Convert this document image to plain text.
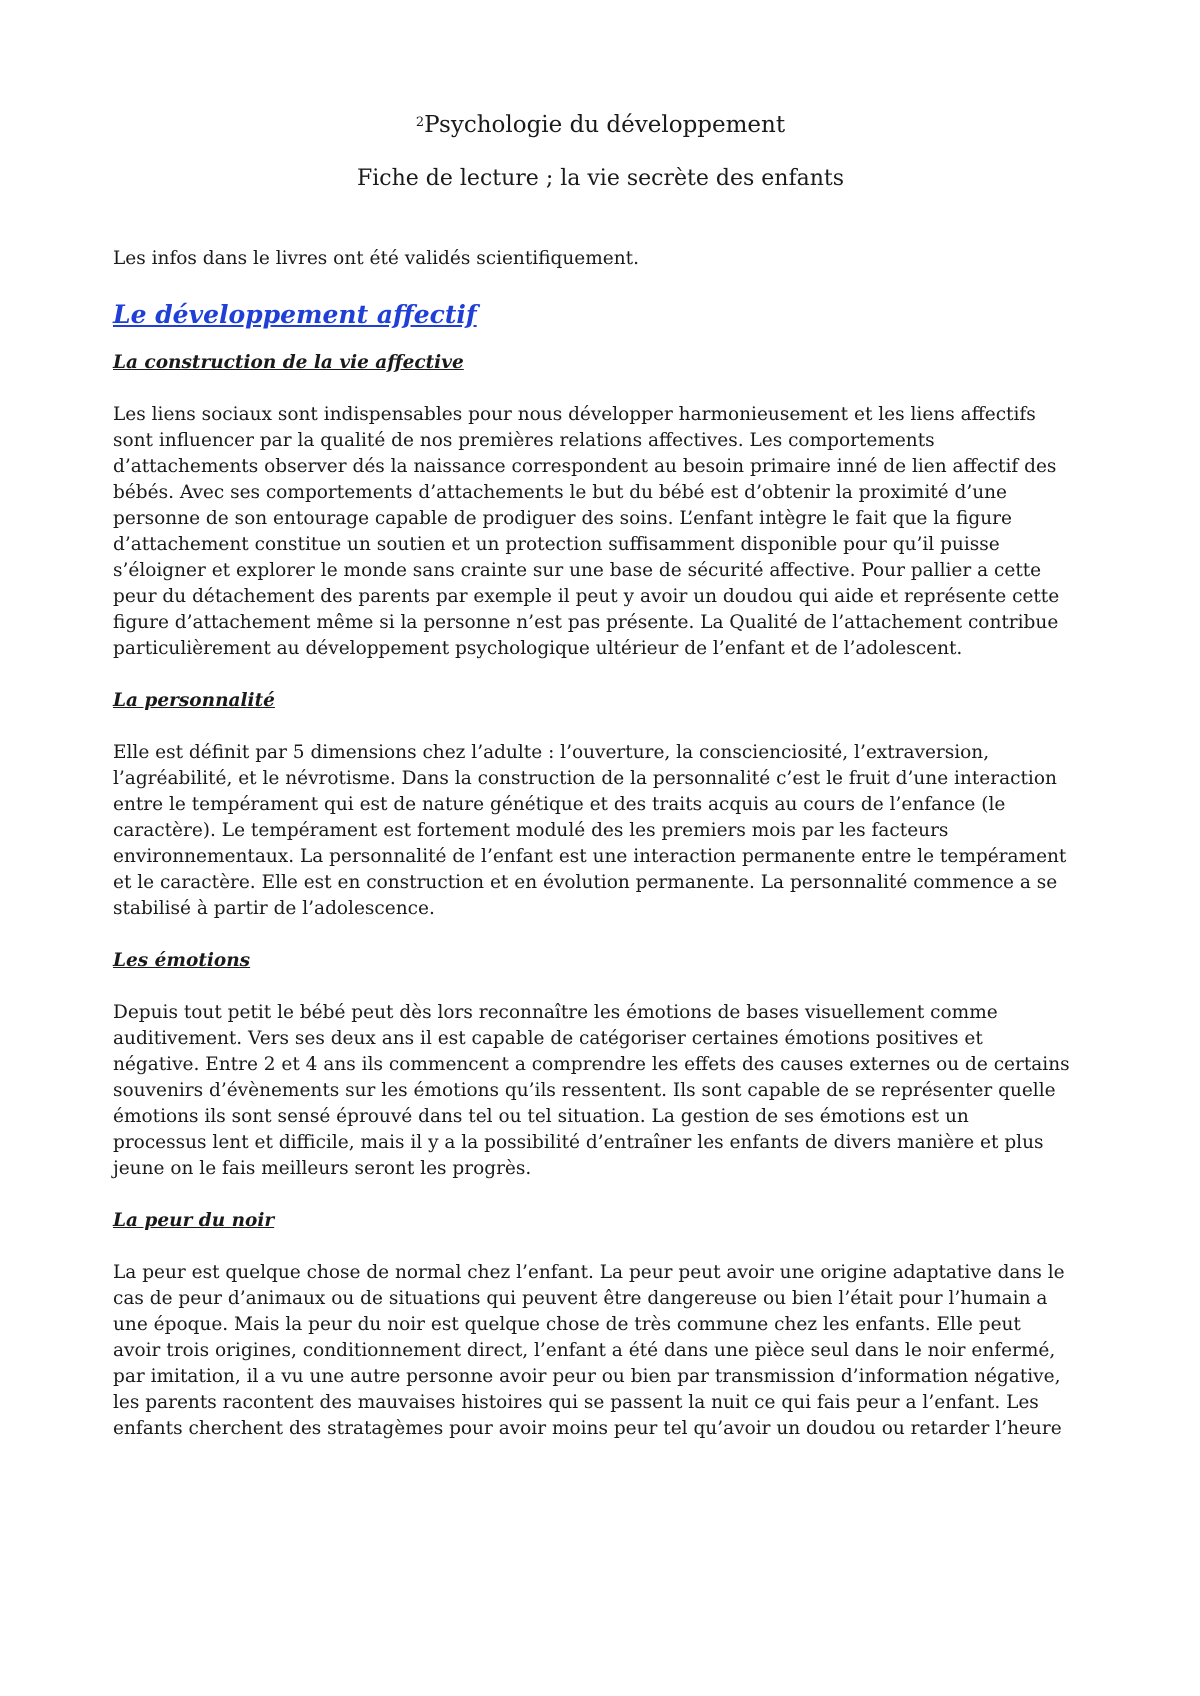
$^2$Psychologie du développement

Fiche de lecture ; la vie secrète des enfants

Les infos dans le livres ont été validés scientifiquement.

Le développement affectif
La construction de la vie affective

Les liens sociaux sont indispensables pour nous développer harmonieusement et les liens affectifs
sont influencer par la qualité de nos premières relations affectives. Les comportements
d’attachements observer dés la naissance correspondent au besoin primaire inné de lien affectif des
bébés. Avec ses comportements d’attachements le but du bébé est d’obtenir la proximité d’une
personne de son entourage capable de prodiguer des soins. L’enfant intègre le fait que la figure
d’attachement constitue un soutien et un protection suffisamment disponible pour qu’il puisse
s’éloigner et explorer le monde sans crainte sur une base de sécurité affective. Pour pallier a cette
peur du détachement des parents par exemple il peut y avoir un doudou qui aide et représente cette
figure d’attachement même si la personne n’est pas présente. La Qualité de l’attachement contribue
particulièrement au développement psychologique ultérieur de l’enfant et de l’adolescent.

La personnalité

Elle est définit par 5 dimensions chez l’adulte : l’ouverture, la conscienciosité, l’extraversion,
l’agréabilité, et le névrotisme. Dans la construction de la personnalité c’est le fruit d’une interaction
entre le tempérament qui est de nature génétique et des traits acquis au cours de l’enfance (le
caractère). Le tempérament est fortement modulé des les premiers mois par les facteurs
environnementaux. La personnalité de l’enfant est une interaction permanente entre le tempérament
et le caractère. Elle est en construction et en évolution permanente. La personnalité commence a se
stabilisé à partir de l’adolescence.

Les émotions

Depuis tout petit le bébé peut dès lors reconnaître les émotions de bases visuellement comme
auditivement. Vers ses deux ans il est capable de catégoriser certaines émotions positives et
négative. Entre 2 et 4 ans ils commencent a comprendre les effets des causes externes ou de certains
souvenirs d’évènements sur les émotions qu’ils ressentent. Ils sont capable de se représenter quelle
émotions ils sont sensé éprouvé dans tel ou tel situation. La gestion de ses émotions est un
processus lent et difficile, mais il y a la possibilité d’entraîner les enfants de divers manière et plus
jeune on le fais meilleurs seront les progrès.

La peur du noir

La peur est quelque chose de normal chez l’enfant. La peur peut avoir une origine adaptative dans le
cas de peur d’animaux ou de situations qui peuvent être dangereuse ou bien l’était pour l’humain a
une époque. Mais la peur du noir est quelque chose de très commune chez les enfants. Elle peut
avoir trois origines, conditionnement direct, l’enfant a été dans une pièce seul dans le noir enfermé,
par imitation, il a vu une autre personne avoir peur ou bien par transmission d’information négative,
les parents racontent des mauvaises histoires qui se passent la nuit ce qui fais peur a l’enfant. Les
enfants cherchent des stratagèmes pour avoir moins peur tel qu’avoir un doudou ou retarder l’heure
